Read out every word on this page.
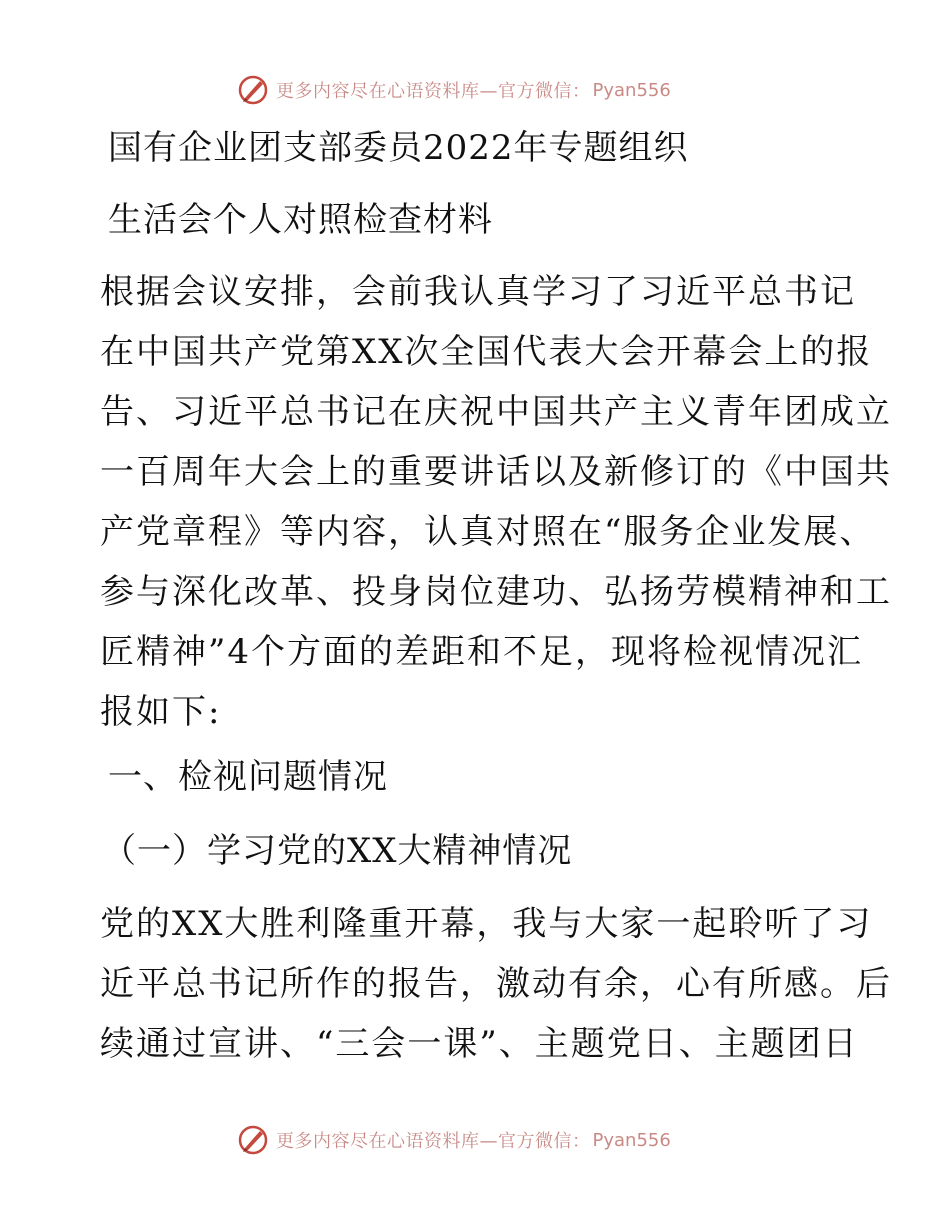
更多内容尽在心语资料库—官方微信： Pyan556
国有企业团支部委员2022年专题组织
生活会个人对照检查材料
根据会议安排，会前我认真学习了习近平总书记
在中国共产党第XX次全国代表大会开幕会上的报
告、习近平总书记在庆祝中国共产主义青年团成立
一百周年大会上的重要讲话以及新修订的《中国共
产党章程》等内容，认真对照在“服务企业发展、
参与深化改革、投身岗位建功、弘扬劳模精神和工
匠精神”4个方面的差距和不足，现将检视情况汇
报如下:
一、检视问题情况
（一）学习党的XX大精神情况
党的XX大胜利隆重开幕，我与大家一起聆听了习
近平总书记所作的报告，激动有余，心有所感。后
续通过宣讲、“三会一课”、主题党日、主题团日
更多内容尽在心语资料库—官方微信： Pyan556
